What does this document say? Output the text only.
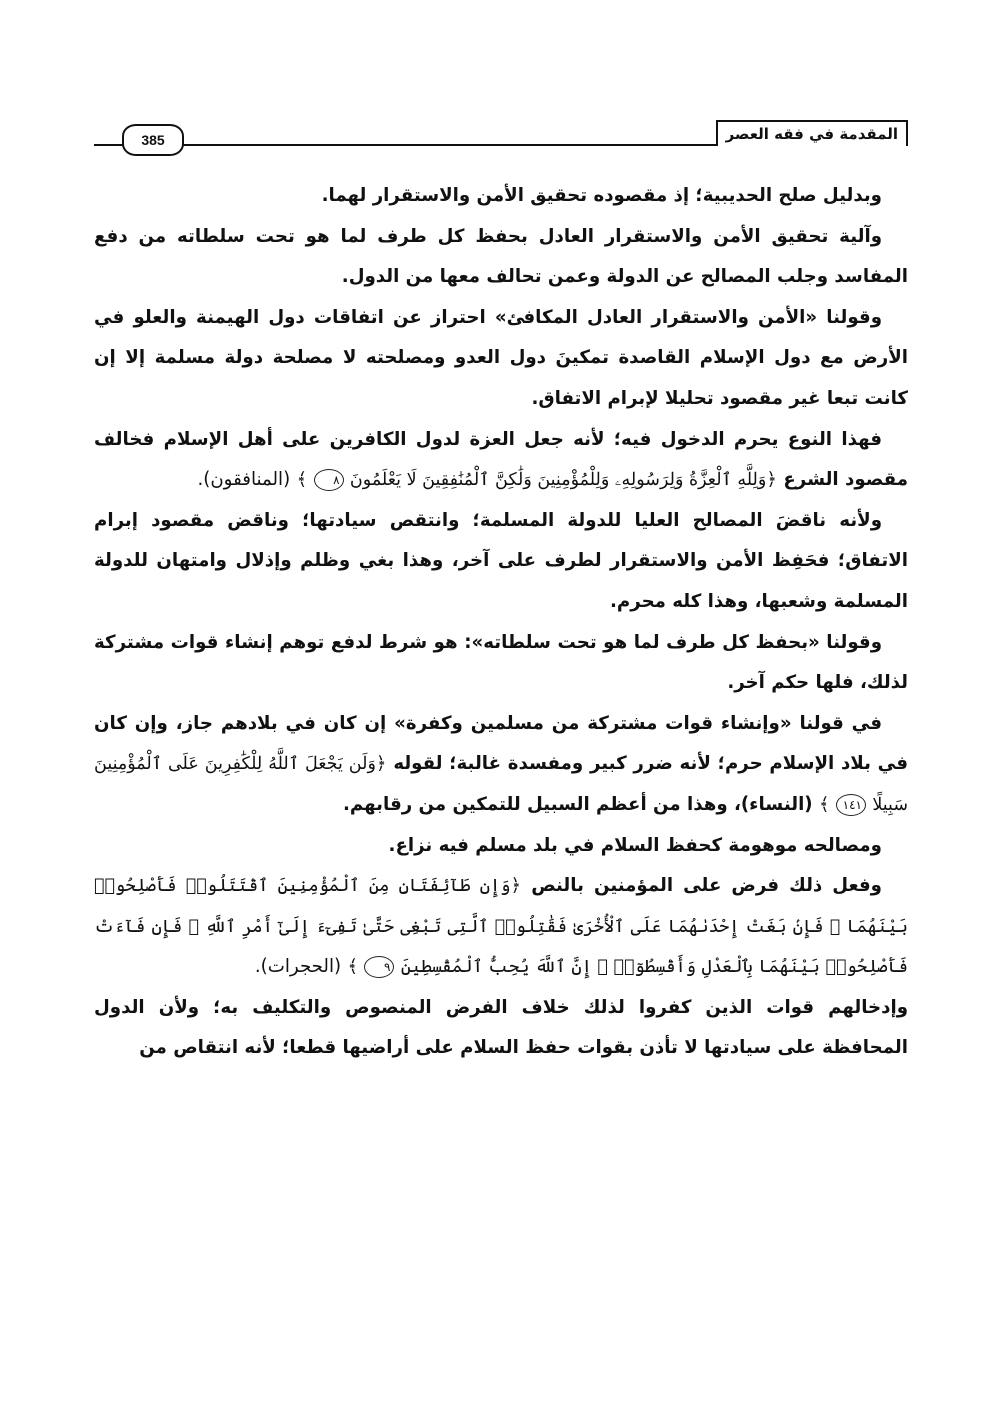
المقدمة في فقه العصر
385

وبدليل صلح الحديبية؛ إذ مقصوده تحقيق الأمن والاستقرار لهما.

وآلية تحقيق الأمن والاستقرار العادل بحفظ كل طرف لما هو تحت سلطاته من دفع المفاسد وجلب المصالح عن الدولة وعمن تحالف معها من الدول.

وقولنا «الأمن والاستقرار العادل المكافئ» احتراز عن اتفاقات دول الهيمنة والعلو في الأرض مع دول الإسلام القاصدة تمكينَ دول العدو ومصلحته لا مصلحة دولة مسلمة إلا إن كانت تبعا غير مقصود تحليلا لإبرام الاتفاق.

فهذا النوع يحرم الدخول فيه؛ لأنه جعل العزة لدول الكافرين على أهل الإسلام فخالف مقصود الشرع ﴿وَلِلَّهِ ٱلْعِزَّةُ وَلِرَسُولِهِۦ وَلِلْمُؤْمِنِينَ وَلَٰكِنَّ ٱلْمُنَٰفِقِينَ لَا يَعْلَمُونَ ٨ ﴾ (المنافقون).

ولأنه ناقضَ المصالح العليا للدولة المسلمة؛ وانتقص سيادتها؛ وناقض مقصود إبرام الاتفاق؛ فحَفِظ الأمن والاستقرار لطرف على آخر، وهذا بغي وظلم وإذلال وامتهان للدولة المسلمة وشعبها، وهذا كله محرم.

وقولنا «بحفظ كل طرف لما هو تحت سلطاته»: هو شرط لدفع توهم إنشاء قوات مشتركة لذلك، فلها حكم آخر.

في قولنا «وإنشاء قوات مشتركة من مسلمين وكفرة» إن كان في بلادهم جاز، وإن كان في بلاد الإسلام حرم؛ لأنه ضرر كبير ومفسدة غالبة؛ لقوله ﴿وَلَن يَجْعَلَ ٱللَّهُ لِلْكَٰفِرِينَ عَلَى ٱلْمُؤْمِنِينَ سَبِيلًا ١٤١ ﴾ (النساء)، وهذا من أعظم السبيل للتمكين من رقابهم.

ومصالحه موهومة كحفظ السلام في بلد مسلم فيه نزاع.

وفعل ذلك فرض على المؤمنين بالنص ﴿وَإِن طَآئِفَتَانِ مِنَ ٱلْمُؤْمِنِينَ ٱقْتَتَلُوا۟ فَأَصْلِحُوا۟ بَيْنَهُمَا ۖ فَإِنۢ بَغَتْ إِحْدَىٰهُمَا عَلَى ٱلْأُخْرَىٰ فَقَٰتِلُوا۟ ٱلَّتِى تَبْغِى حَتَّىٰ تَفِىٓءَ إِلَىٰٓ أَمْرِ ٱللَّهِ ۚ فَإِن فَآءَتْ فَأَصْلِحُوا۟ بَيْنَهُمَا بِٱلْعَدْلِ وَأَقْسِطُوٓا۟ ۖ إِنَّ ٱللَّهَ يُحِبُّ ٱلْمُقْسِطِينَ ٩ ﴾ (الحجرات).

وإدخالهم قوات الذين كفروا لذلك خلاف الفرض المنصوص والتكليف به؛ ولأن الدول المحافظة على سيادتها لا تأذن بقوات حفظ السلام على أراضيها قطعا؛ لأنه انتقاص من
